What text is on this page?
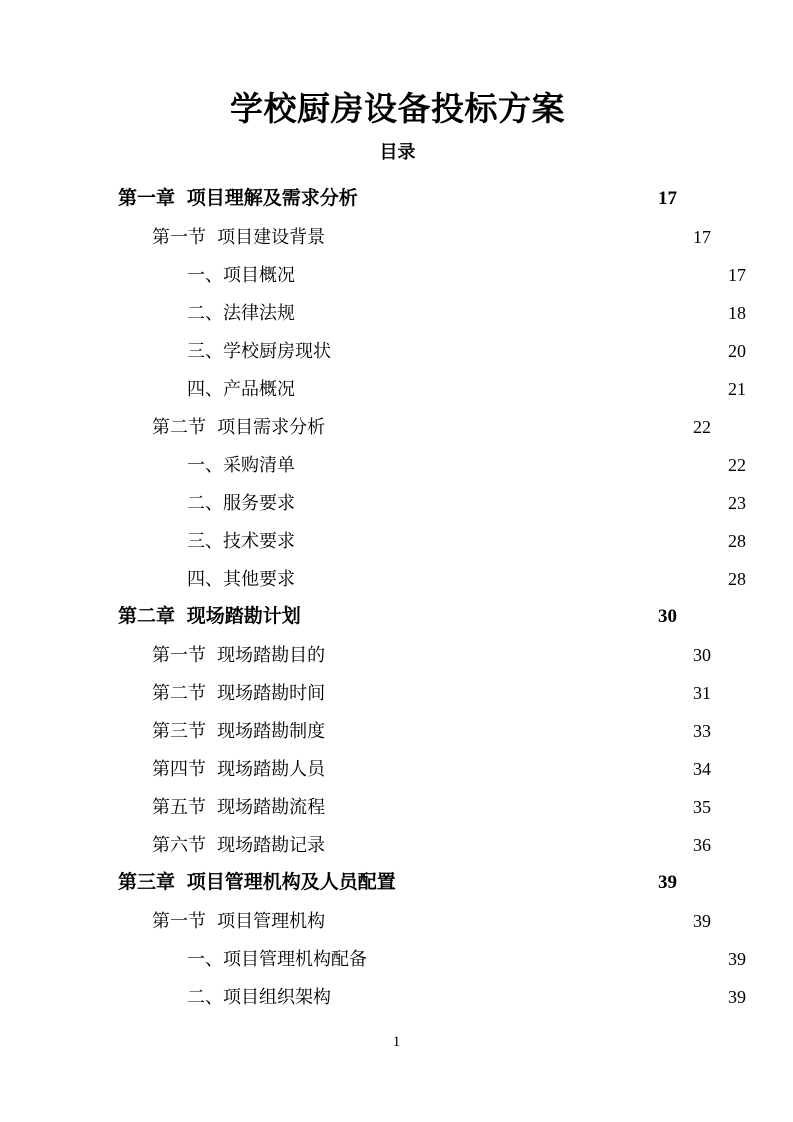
学校厨房设备投标方案
目录
第一章 项目理解及需求分析 .....	17
第一节 项目建设背景 .....	17
一、项目概况 .....	17
二、法律法规 .....	18
三、学校厨房现状 .....	20
四、产品概况 .....	21
第二节 项目需求分析 .....	22
一、采购清单 .....	22
二、服务要求 .....	23
三、技术要求 .....	28
四、其他要求 .....	28
第二章 现场踏勘计划 .....	30
第一节 现场踏勘目的 .....	30
第二节 现场踏勘时间 .....	31
第三节 现场踏勘制度 .....	33
第四节 现场踏勘人员 .....	34
第五节 现场踏勘流程 .....	35
第六节 现场踏勘记录 .....	36
第三章 项目管理机构及人员配置 .....	39
第一节 项目管理机构 .....	39
一、项目管理机构配备 .....	39
二、项目组织架构 .....	39
1
